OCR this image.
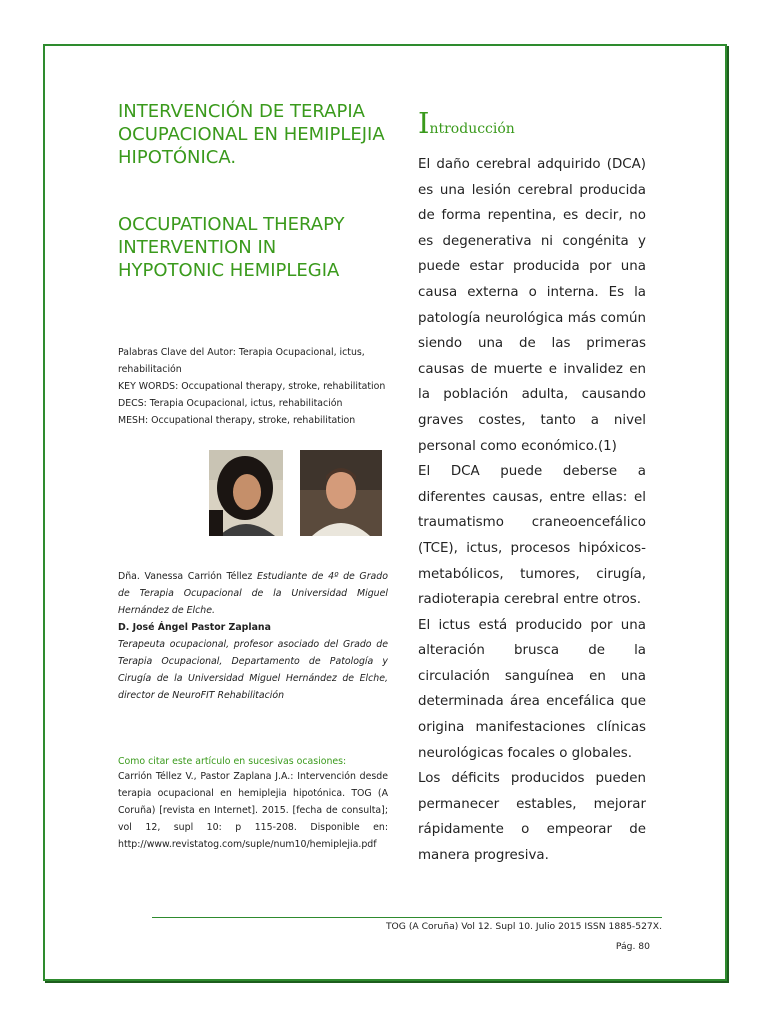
INTERVENCIÓN DE TERAPIA OCUPACIONAL EN HEMIPLEJIA HIPOTÓNICA.
OCCUPATIONAL THERAPY INTERVENTION IN HYPOTONIC HEMIPLEGIA
Palabras Clave del Autor: Terapia Ocupacional, ictus, rehabilitación
KEY WORDS: Occupational therapy, stroke, rehabilitation
DECS: Terapia Ocupacional, ictus, rehabilitación
MESH: Occupational therapy, stroke, rehabilitation
Dña. Vanessa Carrión Téllez Estudiante de 4º de Grado de Terapia Ocupacional de la Universidad Miguel Hernández de Elche.
D. José Ángel Pastor Zaplana
Terapeuta ocupacional, profesor asociado del Grado de Terapia Ocupacional, Departamento de Patología y Cirugía de la Universidad Miguel Hernández de Elche, director de NeuroFIT Rehabilitación
Como citar este artículo en sucesivas ocasiones:
Carrión Téllez V., Pastor Zaplana J.A.: Intervención desde terapia ocupacional en hemiplejia hipotónica. TOG (A Coruña) [revista en Internet]. 2015. [fecha de consulta]; vol 12, supl 10: p 115-208. Disponible en: http://www.revistatog.com/suple/num10/hemiplejia.pdf
Introducción

El daño cerebral adquirido (DCA) es una lesión cerebral producida de forma repentina, es decir, no es degenerativa ni congénita y puede estar producida por una causa externa o interna. Es la patología neurológica más común siendo una de las primeras causas de muerte e invalidez en la población adulta, causando graves costes, tanto a nivel personal como económico.(1)

El DCA puede deberse a diferentes causas, entre ellas: el traumatismo craneoencefálico (TCE), ictus, procesos hipóxicos-metabólicos, tumores, cirugía, radioterapia cerebral entre otros.

El ictus está producido por una alteración brusca de la circulación sanguínea en una determinada área encefálica que origina manifestaciones clínicas neurológicas focales o globales.

Los déficits producidos pueden permanecer estables, mejorar rápidamente o empeorar de manera progresiva.

TOG (A Coruña) Vol 12. Supl 10. Julio 2015 ISSN 1885-527X.
Pág. 80
